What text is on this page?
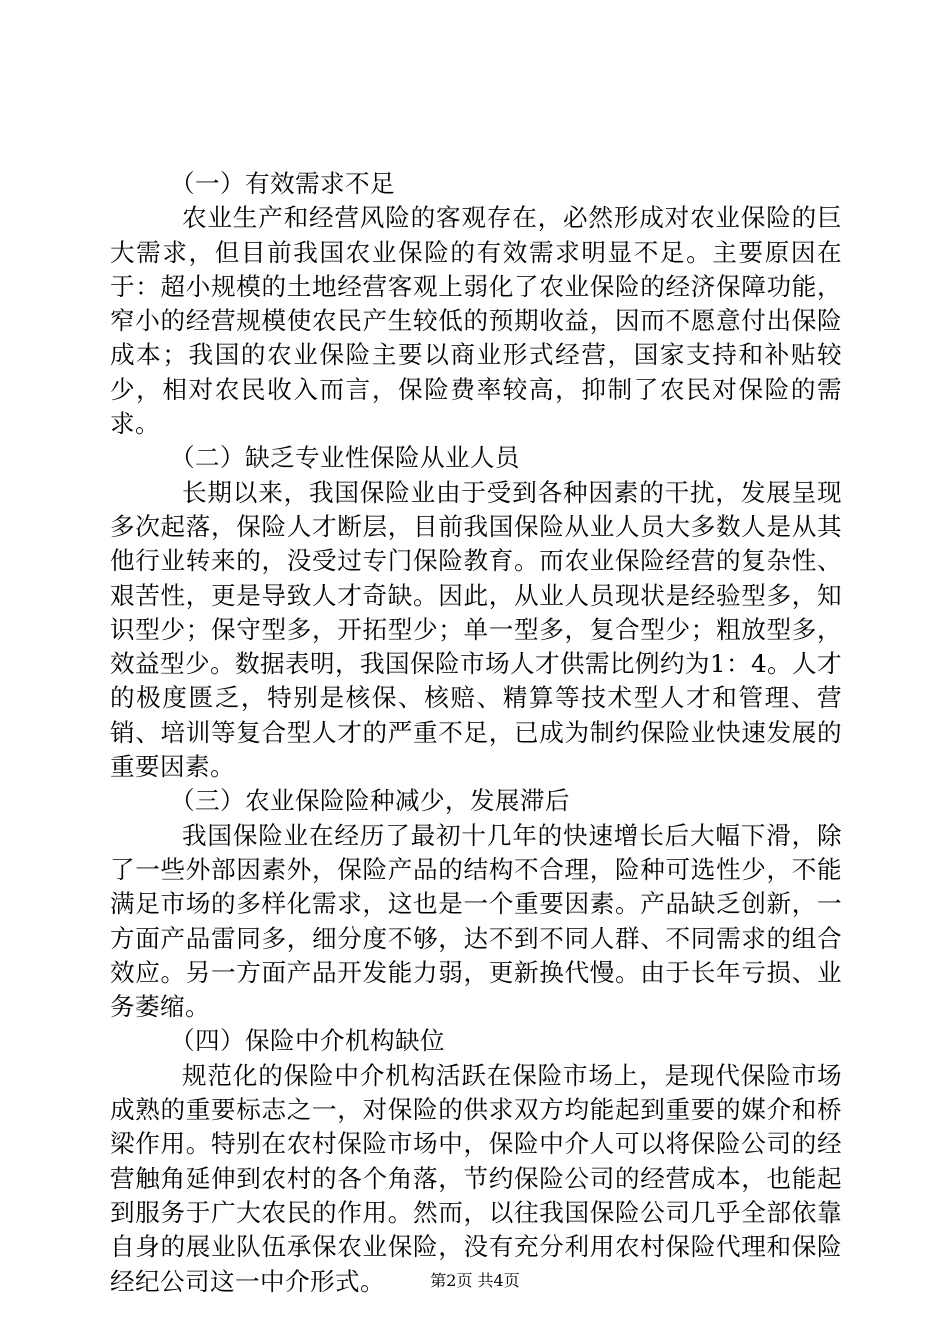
（一）有效需求不足

农业生产和经营风险的客观存在，必然形成对农业保险的巨大需求，但目前我国农业保险的有效需求明显不足。主要原因在于：超小规模的土地经营客观上弱化了农业保险的经济保障功能，窄小的经营规模使农民产生较低的预期收益，因而不愿意付出保险成本；我国的农业保险主要以商业形式经营，国家支持和补贴较少，相对农民收入而言，保险费率较高，抑制了农民对保险的需求。

（二）缺乏专业性保险从业人员

长期以来，我国保险业由于受到各种因素的干扰，发展呈现多次起落，保险人才断层，目前我国保险从业人员大多数人是从其他行业转来的，没受过专门保险教育。而农业保险经营的复杂性、艰苦性，更是导致人才奇缺。因此，从业人员现状是经验型多，知识型少；保守型多，开拓型少；单一型多，复合型少；粗放型多，效益型少。数据表明，我国保险市场人才供需比例约为1：4。人才的极度匮乏，特别是核保、核赔、精算等技术型人才和管理、营销、培训等复合型人才的严重不足，已成为制约保险业快速发展的重要因素。

（三）农业保险险种减少，发展滞后

我国保险业在经历了最初十几年的快速增长后大幅下滑，除了一些外部因素外，保险产品的结构不合理，险种可选性少，不能满足市场的多样化需求，这也是一个重要因素。产品缺乏创新，一方面产品雷同多，细分度不够，达不到不同人群、不同需求的组合效应。另一方面产品开发能力弱，更新换代慢。由于长年亏损、业务萎缩。

（四）保险中介机构缺位

规范化的保险中介机构活跃在保险市场上，是现代保险市场成熟的重要标志之一，对保险的供求双方均能起到重要的媒介和桥梁作用。特别在农村保险市场中，保险中介人可以将保险公司的经营触角延伸到农村的各个角落，节约保险公司的经营成本，也能起到服务于广大农民的作用。然而，以往我国保险公司几乎全部依靠自身的展业队伍承保农业保险，没有充分利用农村保险代理和保险经纪公司这一中介形式。	第2页 共4页
